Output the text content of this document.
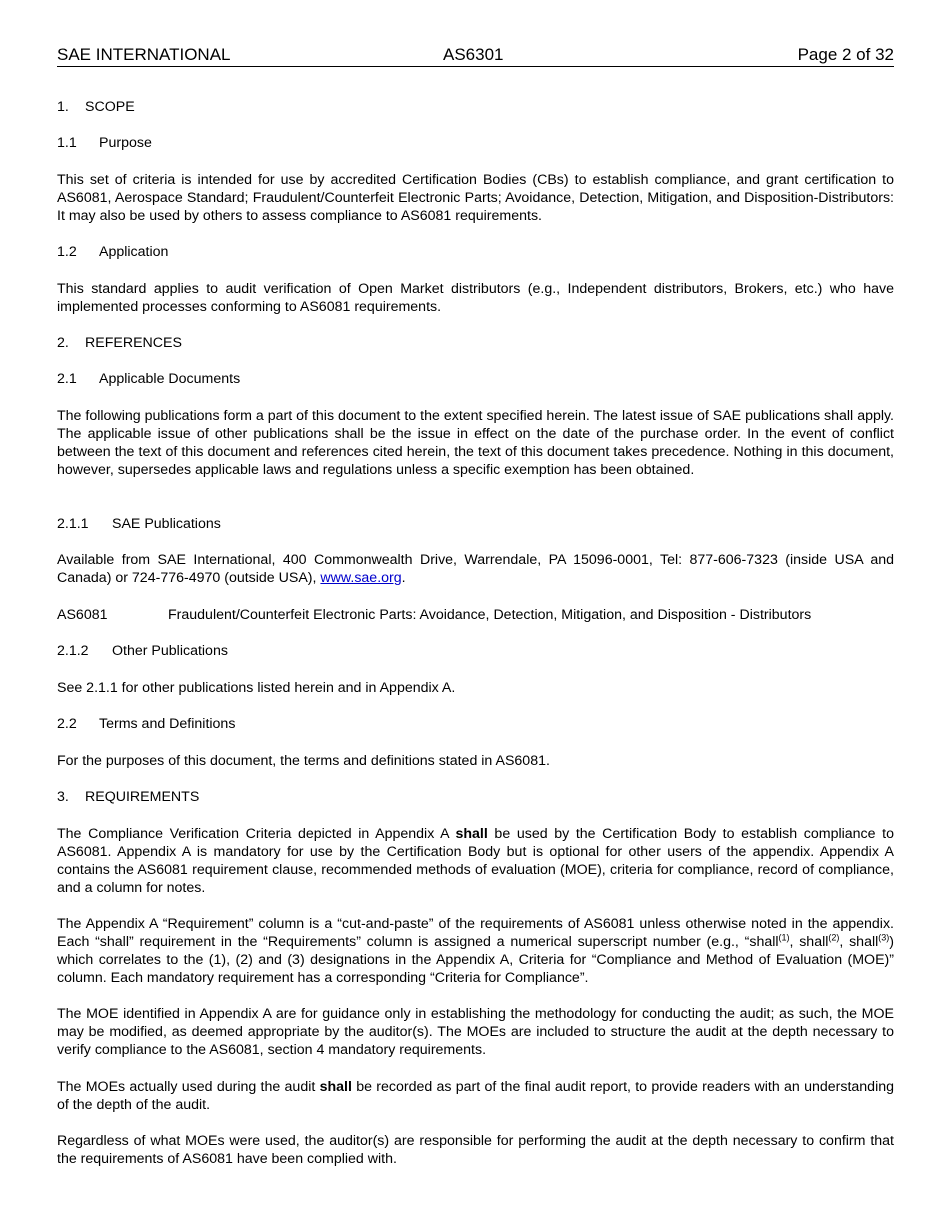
SAE INTERNATIONAL	AS6301	Page 2 of 32
1. SCOPE
1.1 Purpose
This set of criteria is intended for use by accredited Certification Bodies (CBs) to establish compliance, and grant certification to AS6081, Aerospace Standard; Fraudulent/Counterfeit Electronic Parts; Avoidance, Detection, Mitigation, and Disposition-Distributors: It may also be used by others to assess compliance to AS6081 requirements.
1.2 Application
This standard applies to audit verification of Open Market distributors (e.g., Independent distributors, Brokers, etc.) who have implemented processes conforming to AS6081 requirements.
2. REFERENCES
2.1 Applicable Documents
The following publications form a part of this document to the extent specified herein. The latest issue of SAE publications shall apply. The applicable issue of other publications shall be the issue in effect on the date of the purchase order. In the event of conflict between the text of this document and references cited herein, the text of this document takes precedence. Nothing in this document, however, supersedes applicable laws and regulations unless a specific exemption has been obtained.
2.1.1 SAE Publications
Available from SAE International, 400 Commonwealth Drive, Warrendale, PA 15096-0001, Tel: 877-606-7323 (inside USA and Canada) or 724-776-4970 (outside USA), www.sae.org.
AS6081	Fraudulent/Counterfeit Electronic Parts: Avoidance, Detection, Mitigation, and Disposition - Distributors
2.1.2 Other Publications
See 2.1.1 for other publications listed herein and in Appendix A.
2.2 Terms and Definitions
For the purposes of this document, the terms and definitions stated in AS6081.
3. REQUIREMENTS
The Compliance Verification Criteria depicted in Appendix A shall be used by the Certification Body to establish compliance to AS6081. Appendix A is mandatory for use by the Certification Body but is optional for other users of the appendix. Appendix A contains the AS6081 requirement clause, recommended methods of evaluation (MOE), criteria for compliance, record of compliance, and a column for notes.
The Appendix A “Requirement” column is a “cut-and-paste” of the requirements of AS6081 unless otherwise noted in the appendix. Each “shall” requirement in the “Requirements” column is assigned a numerical superscript number (e.g., “shall$^{(1)}$, shall$^{(2)}$, shall$^{(3)}$) which correlates to the (1), (2) and (3) designations in the Appendix A, Criteria for “Compliance and Method of Evaluation (MOE)” column. Each mandatory requirement has a corresponding “Criteria for Compliance”.
The MOE identified in Appendix A are for guidance only in establishing the methodology for conducting the audit; as such, the MOE may be modified, as deemed appropriate by the auditor(s). The MOEs are included to structure the audit at the depth necessary to verify compliance to the AS6081, section 4 mandatory requirements.
The MOEs actually used during the audit shall be recorded as part of the final audit report, to provide readers with an understanding of the depth of the audit.
Regardless of what MOEs were used, the auditor(s) are responsible for performing the audit at the depth necessary to confirm that the requirements of AS6081 have been complied with.
